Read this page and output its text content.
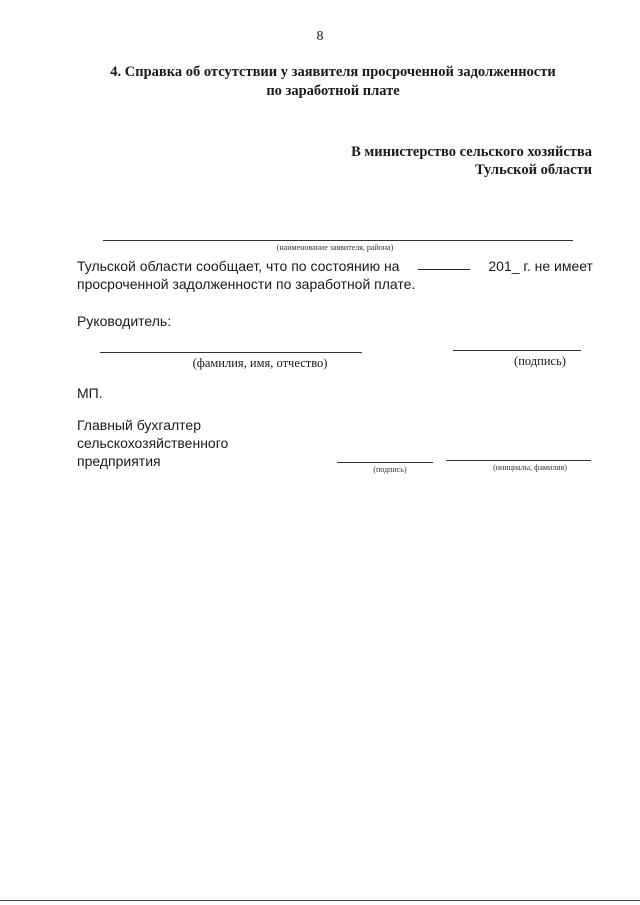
8
4. Справка об отсутствии у заявителя просроченной задолженности
по заработной плате
В министерство сельского хозяйства
Тульской области
(наименование заявителя, района)
Тульской области сообщает, что по состоянию на	201_ г. не имеет
просроченной задолженности по заработной плате.
Руководитель:
(фамилия, имя, отчество)	(подпись)
МП.
Главный бухгалтер
сельскохозяйственного
предприятия
(подпись)	(инициалы, фамилия)
